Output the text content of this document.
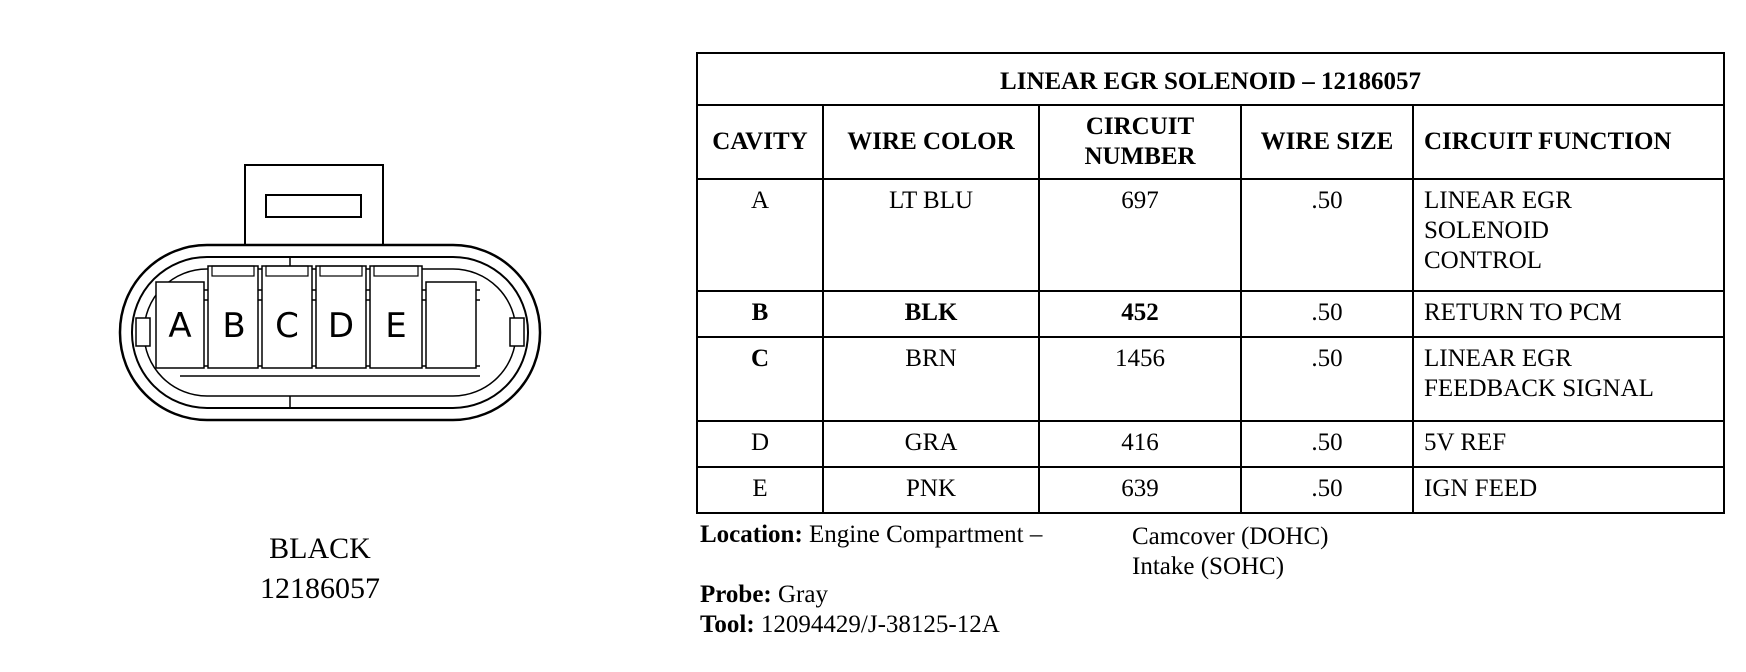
A B C D E
BLACK
12186057
LINEAR EGR SOLENOID – 12186057				
CAVITY	WIRE COLOR	CIRCUIT NUMBER	WIRE SIZE	CIRCUIT FUNCTION
A	LT BLU	697	.50	LINEAR EGR SOLENOID CONTROL
B	BLK	452	.50	RETURN TO PCM
C	BRN	1456	.50	LINEAR EGR FEEDBACK SIGNAL
D	GRA	416	.50	5V REF
E	PNK	639	.50	IGN FEED
Location: Engine Compartment –	Camcover (DOHC)
Intake (SOHC)
Probe: Gray
Tool: 12094429/J-38125-12A
